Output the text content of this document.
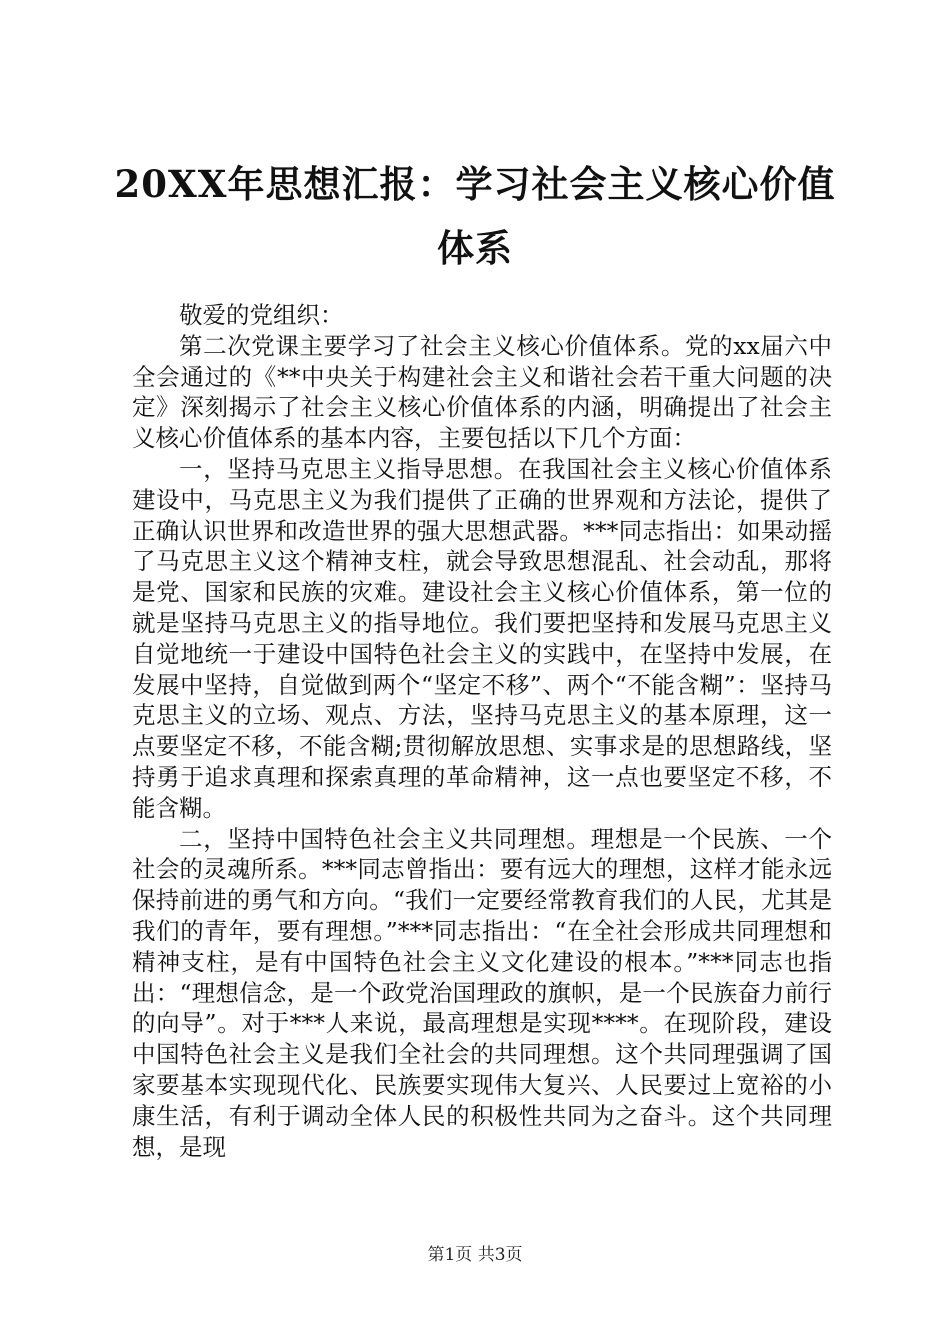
20XX年思想汇报：学习社会主义核心价值体系

敬爱的党组织：

第二次党课主要学习了社会主义核心价值体系。党的xx届六中全会通过的《**中央关于构建社会主义和谐社会若干重大问题的决定》深刻揭示了社会主义核心价值体系的内涵，明确提出了社会主义核心价值体系的基本内容，主要包括以下几个方面：

一，坚持马克思主义指导思想。在我国社会主义核心价值体系建设中，马克思主义为我们提供了正确的世界观和方法论，提供了正确认识世界和改造世界的强大思想武器。***同志指出：如果动摇了马克思主义这个精神支柱，就会导致思想混乱、社会动乱，那将是党、国家和民族的灾难。建设社会主义核心价值体系，第一位的就是坚持马克思主义的指导地位。我们要把坚持和发展马克思主义自觉地统一于建设中国特色社会主义的实践中，在坚持中发展，在发展中坚持，自觉做到两个“坚定不移”、两个“不能含糊”：坚持马克思主义的立场、观点、方法，坚持马克思主义的基本原理，这一点要坚定不移，不能含糊;贯彻解放思想、实事求是的思想路线，坚持勇于追求真理和探索真理的革命精神，这一点也要坚定不移，不能含糊。

二，坚持中国特色社会主义共同理想。理想是一个民族、一个社会的灵魂所系。***同志曾指出：要有远大的理想，这样才能永远保持前进的勇气和方向。“我们一定要经常教育我们的人民，尤其是我们的青年，要有理想。”***同志指出：“在全社会形成共同理想和精神支柱，是有中国特色社会主义文化建设的根本。”***同志也指出：“理想信念，是一个政党治国理政的旗帜，是一个民族奋力前行的向导”。对于***人来说，最高理想是实现****。在现阶段，建设中国特色社会主义是我们全社会的共同理想。这个共同理强调了国家要基本实现现代化、民族要实现伟大复兴、人民要过上宽裕的小康生活，有利于调动全体人民的积极性共同为之奋斗。这个共同理想，是现

第1页 共3页
